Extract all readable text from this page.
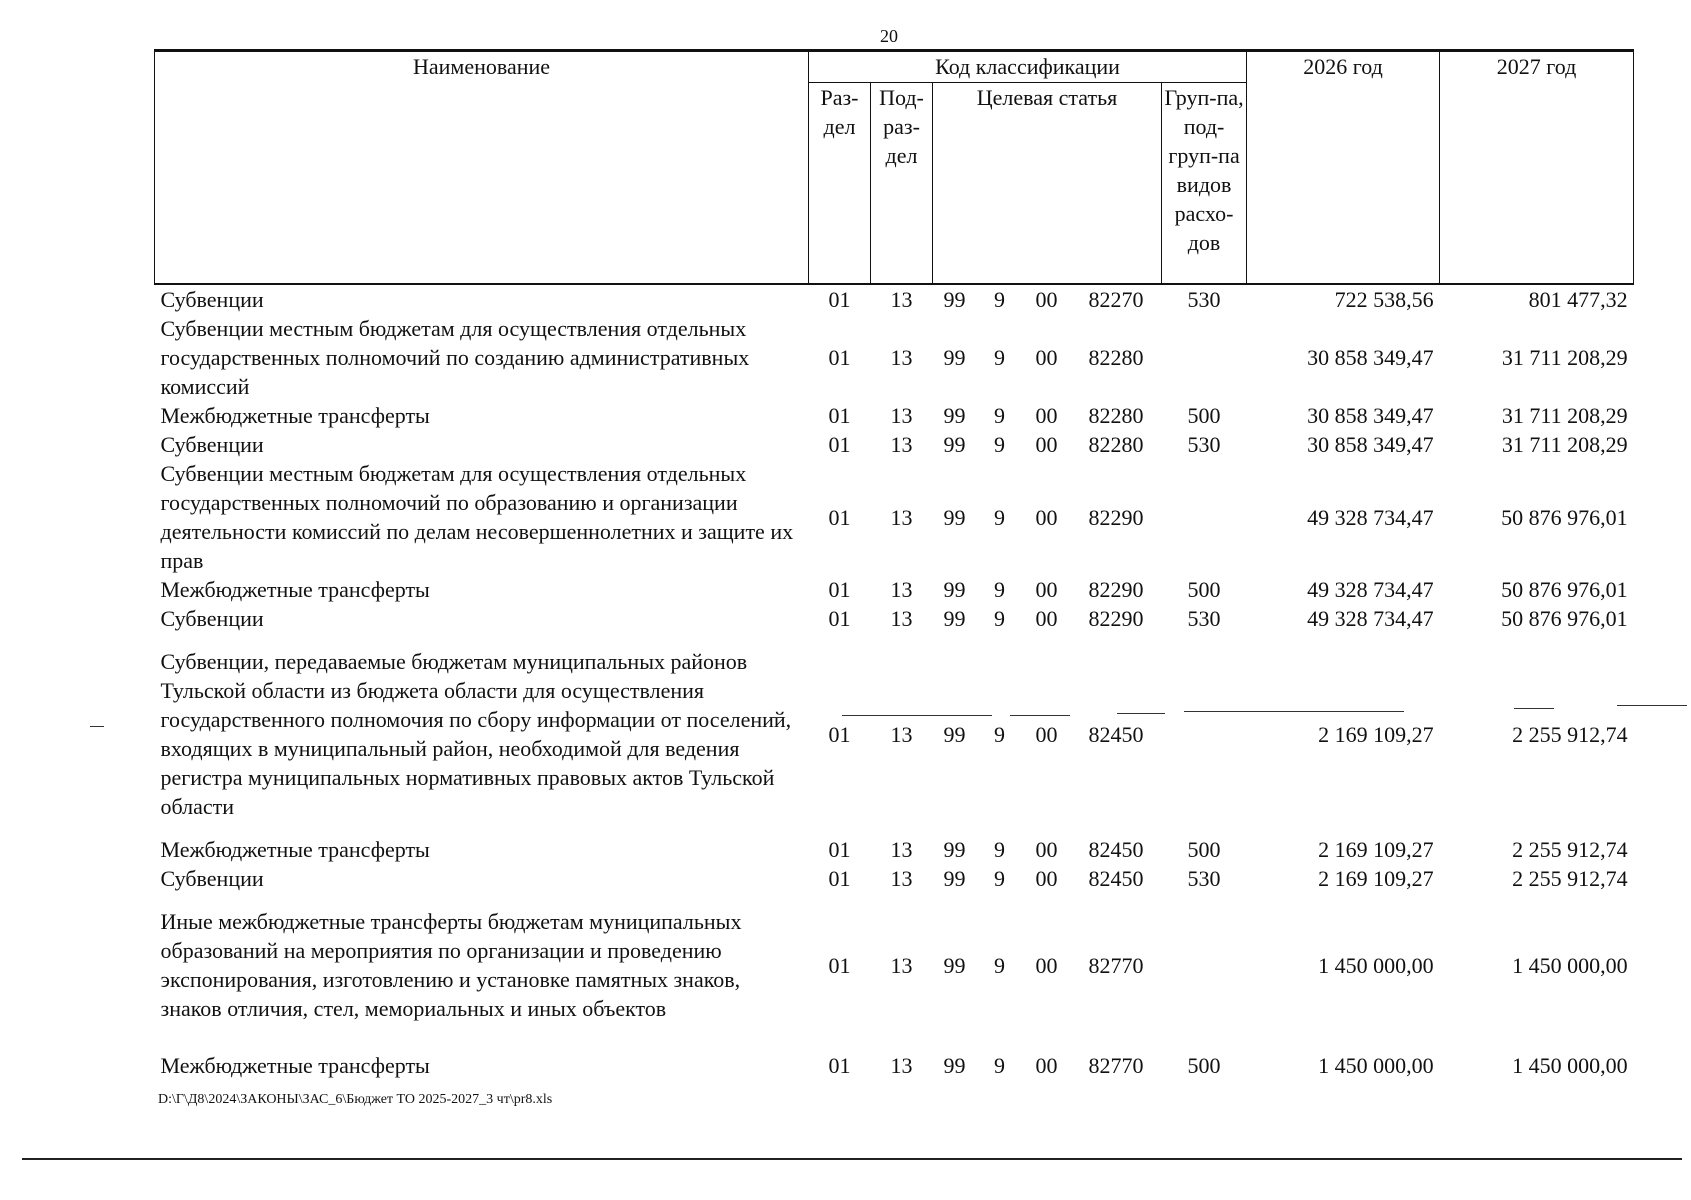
20
Наименование	Код классификации							2026 год	2027 год
	Раз-дел	Под-раз-дел	Целевая статья				Груп-па, под-груп-па видов расхо-дов		
Субвенции	01	13	99	9	00	82270	530	722 538,56	801 477,32
Субвенции местным бюджетам для осуществления отдельных государственных полномочий по созданию административных комиссий	01	13	99	9	00	82280		30 858 349,47	31 711 208,29
Межбюджетные трансферты	01	13	99	9	00	82280	500	30 858 349,47	31 711 208,29
Субвенции	01	13	99	9	00	82280	530	30 858 349,47	31 711 208,29
Субвенции местным бюджетам для осуществления отдельных государственных полномочий по образованию и организации деятельности комиссий по делам несовершеннолетних и защите их прав	01	13	99	9	00	82290		49 328 734,47	50 876 976,01
Межбюджетные трансферты	01	13	99	9	00	82290	500	49 328 734,47	50 876 976,01
Субвенции	01	13	99	9	00	82290	530	49 328 734,47	50 876 976,01
Субвенции, передаваемые бюджетам муниципальных районов Тульской области из бюджета области для осуществления государственного полномочия по сбору информации от поселений, входящих в муниципальный район, необходимой для ведения регистра муниципальных нормативных правовых актов Тульской области	01	13	99	9	00	82450		2 169 109,27	2 255 912,74
Межбюджетные трансферты	01	13	99	9	00	82450	500	2 169 109,27	2 255 912,74
Субвенции	01	13	99	9	00	82450	530	2 169 109,27	2 255 912,74
Иные межбюджетные трансферты бюджетам муниципальных образований на мероприятия по организации и проведению экспонирования, изготовлению и установке памятных знаков, знаков отличия, стел, мемориальных и иных объектов	01	13	99	9	00	82770		1 450 000,00	1 450 000,00
Межбюджетные трансферты	01	13	99	9	00	82770	500	1 450 000,00	1 450 000,00
D:\Г\Д8\2024\ЗАКОНЫ\ЗАС_6\Бюджет ТО 2025-2027_3 чт\pr8.xls
